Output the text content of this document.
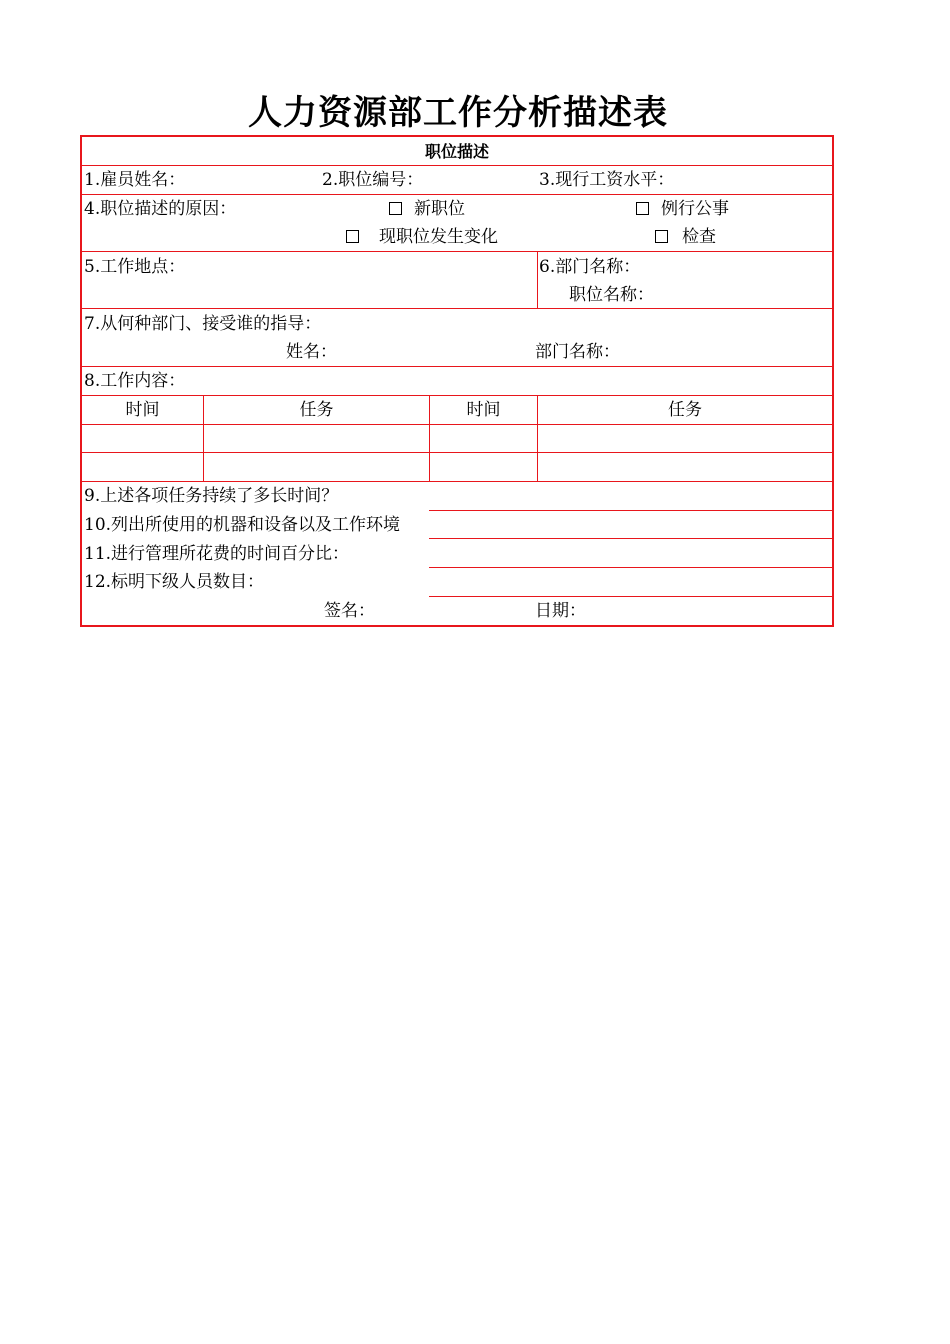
人力资源部工作分析描述表
职位描述
1.雇员姓名：	2.职位编号：	3.现行工资水平：
4.职位描述的原因：	新职位	例行公事
现职位发生变化	检查
5.工作地点：	6.部门名称：
职位名称：
7.从何种部门、接受谁的指导：
姓名：	部门名称：
8.工作内容：
时间	任务	时间	任务
9.上述各项任务持续了多长时间？
10.列出所使用的机器和设备以及工作环境
11.进行管理所花费的时间百分比：
12.标明下级人员数目：
签名：	日期：
